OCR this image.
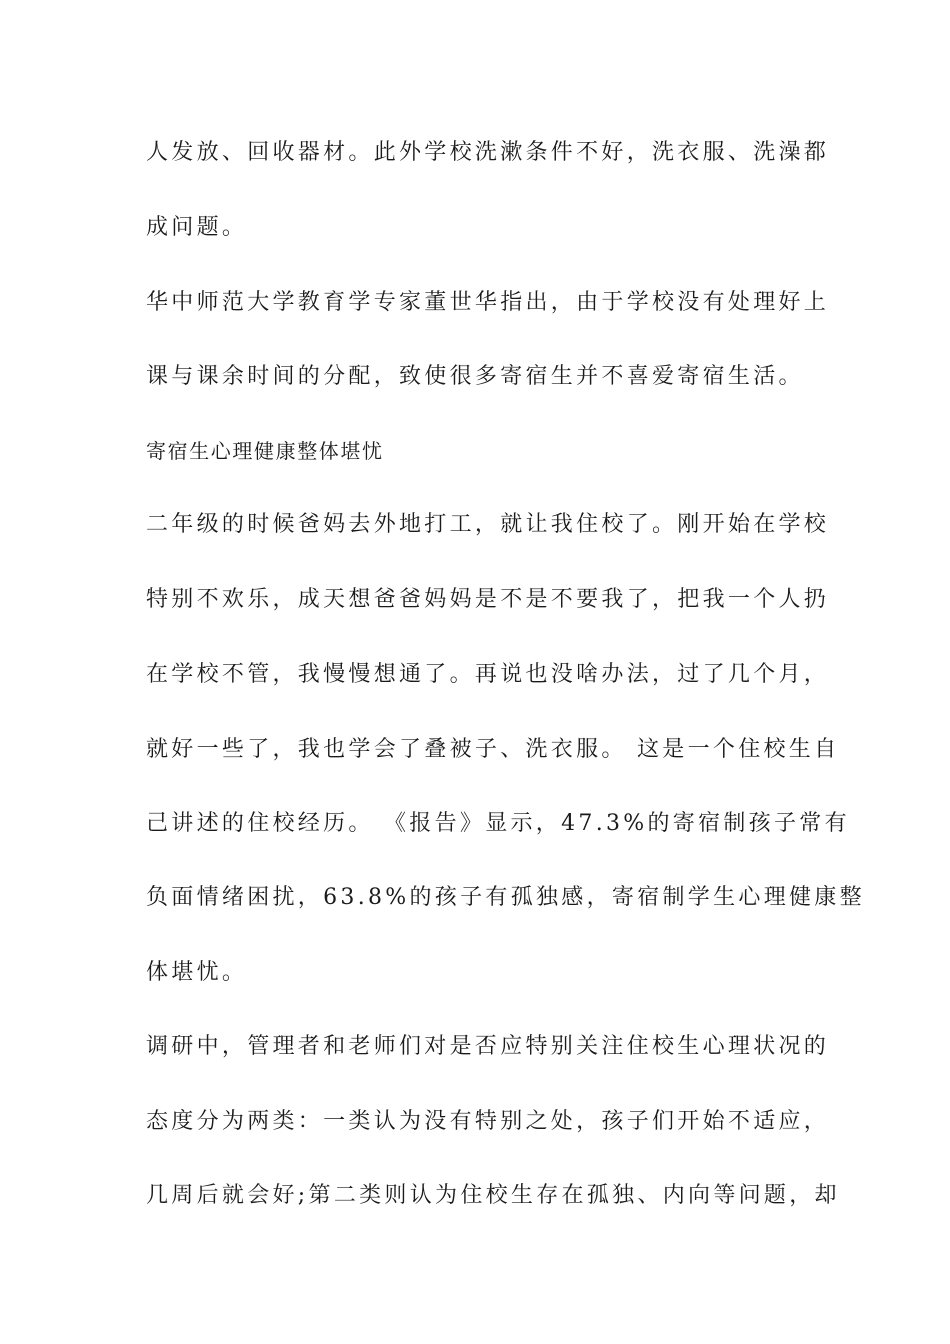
人发放、回收器材。此外学校洗漱条件不好，洗衣服、洗澡都
成问题。
华中师范大学教育学专家董世华指出，由于学校没有处理好上
课与课余时间的分配，致使很多寄宿生并不喜爱寄宿生活。
寄宿生心理健康整体堪忧
二年级的时候爸妈去外地打工，就让我住校了。刚开始在学校
特别不欢乐，成天想爸爸妈妈是不是不要我了，把我一个人扔
在学校不管，我慢慢想通了。再说也没啥办法，过了几个月，
就好一些了，我也学会了叠被子、洗衣服。 这是一个住校生自
己讲述的住校经历。 《报告》显示，47.3%的寄宿制孩子常有
负面情绪困扰，63.8%的孩子有孤独感，寄宿制学生心理健康整
体堪忧。
调研中，管理者和老师们对是否应特别关注住校生心理状况的
态度分为两类：一类认为没有特别之处，孩子们开始不适应，
几周后就会好;第二类则认为住校生存在孤独、内向等问题，却
